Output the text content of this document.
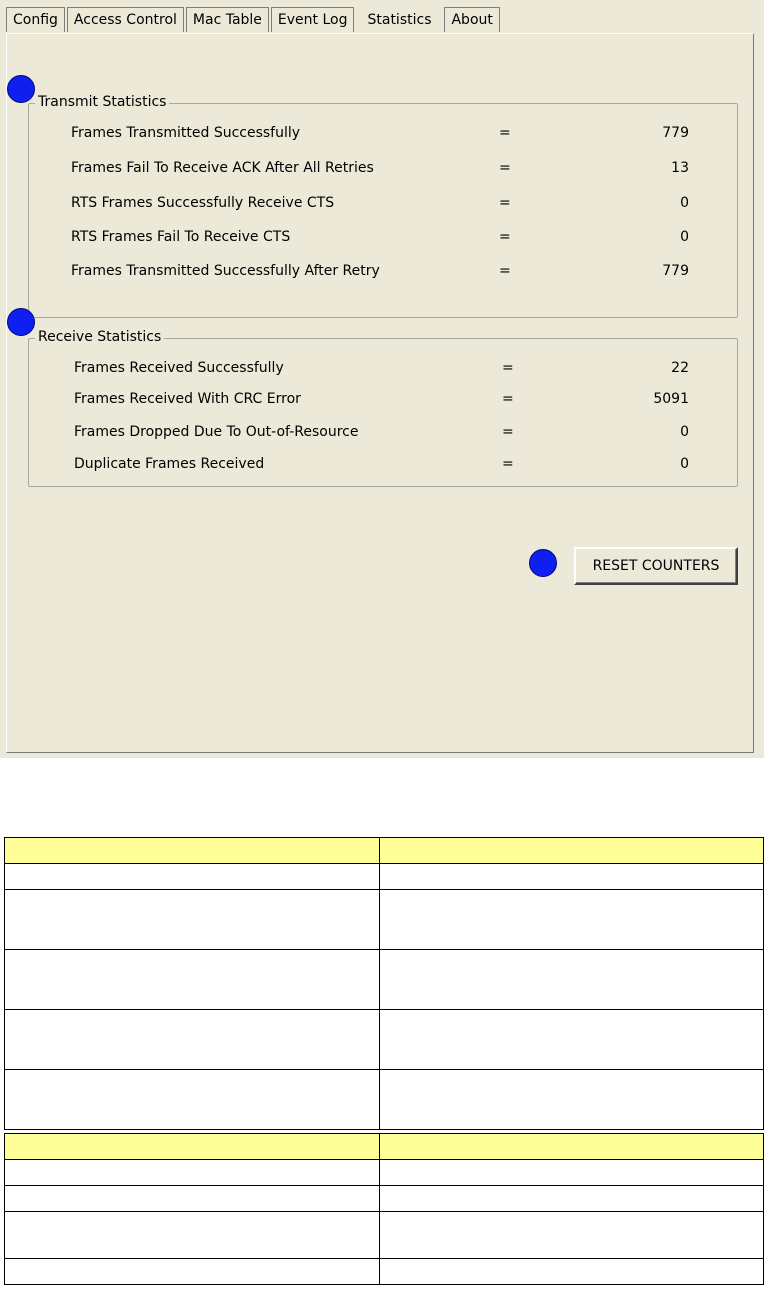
Config	Access Control	Mac Table	Event Log	Statistics	About
Transmit Statistics
Frames Transmitted Successfully	=	779
Frames Fail To Receive ACK After All Retries	=	13
RTS Frames Successfully Receive CTS	=	0
RTS Frames Fail To Receive CTS	=	0
Frames Transmitted Successfully After Retry	=	779
Receive Statistics
Frames Received Successfully	=	22
Frames Received With CRC Error	=	5091
Frames Dropped Due To Out-of-Resource	=	0
Duplicate Frames Received	=	0
RESET COUNTERS
